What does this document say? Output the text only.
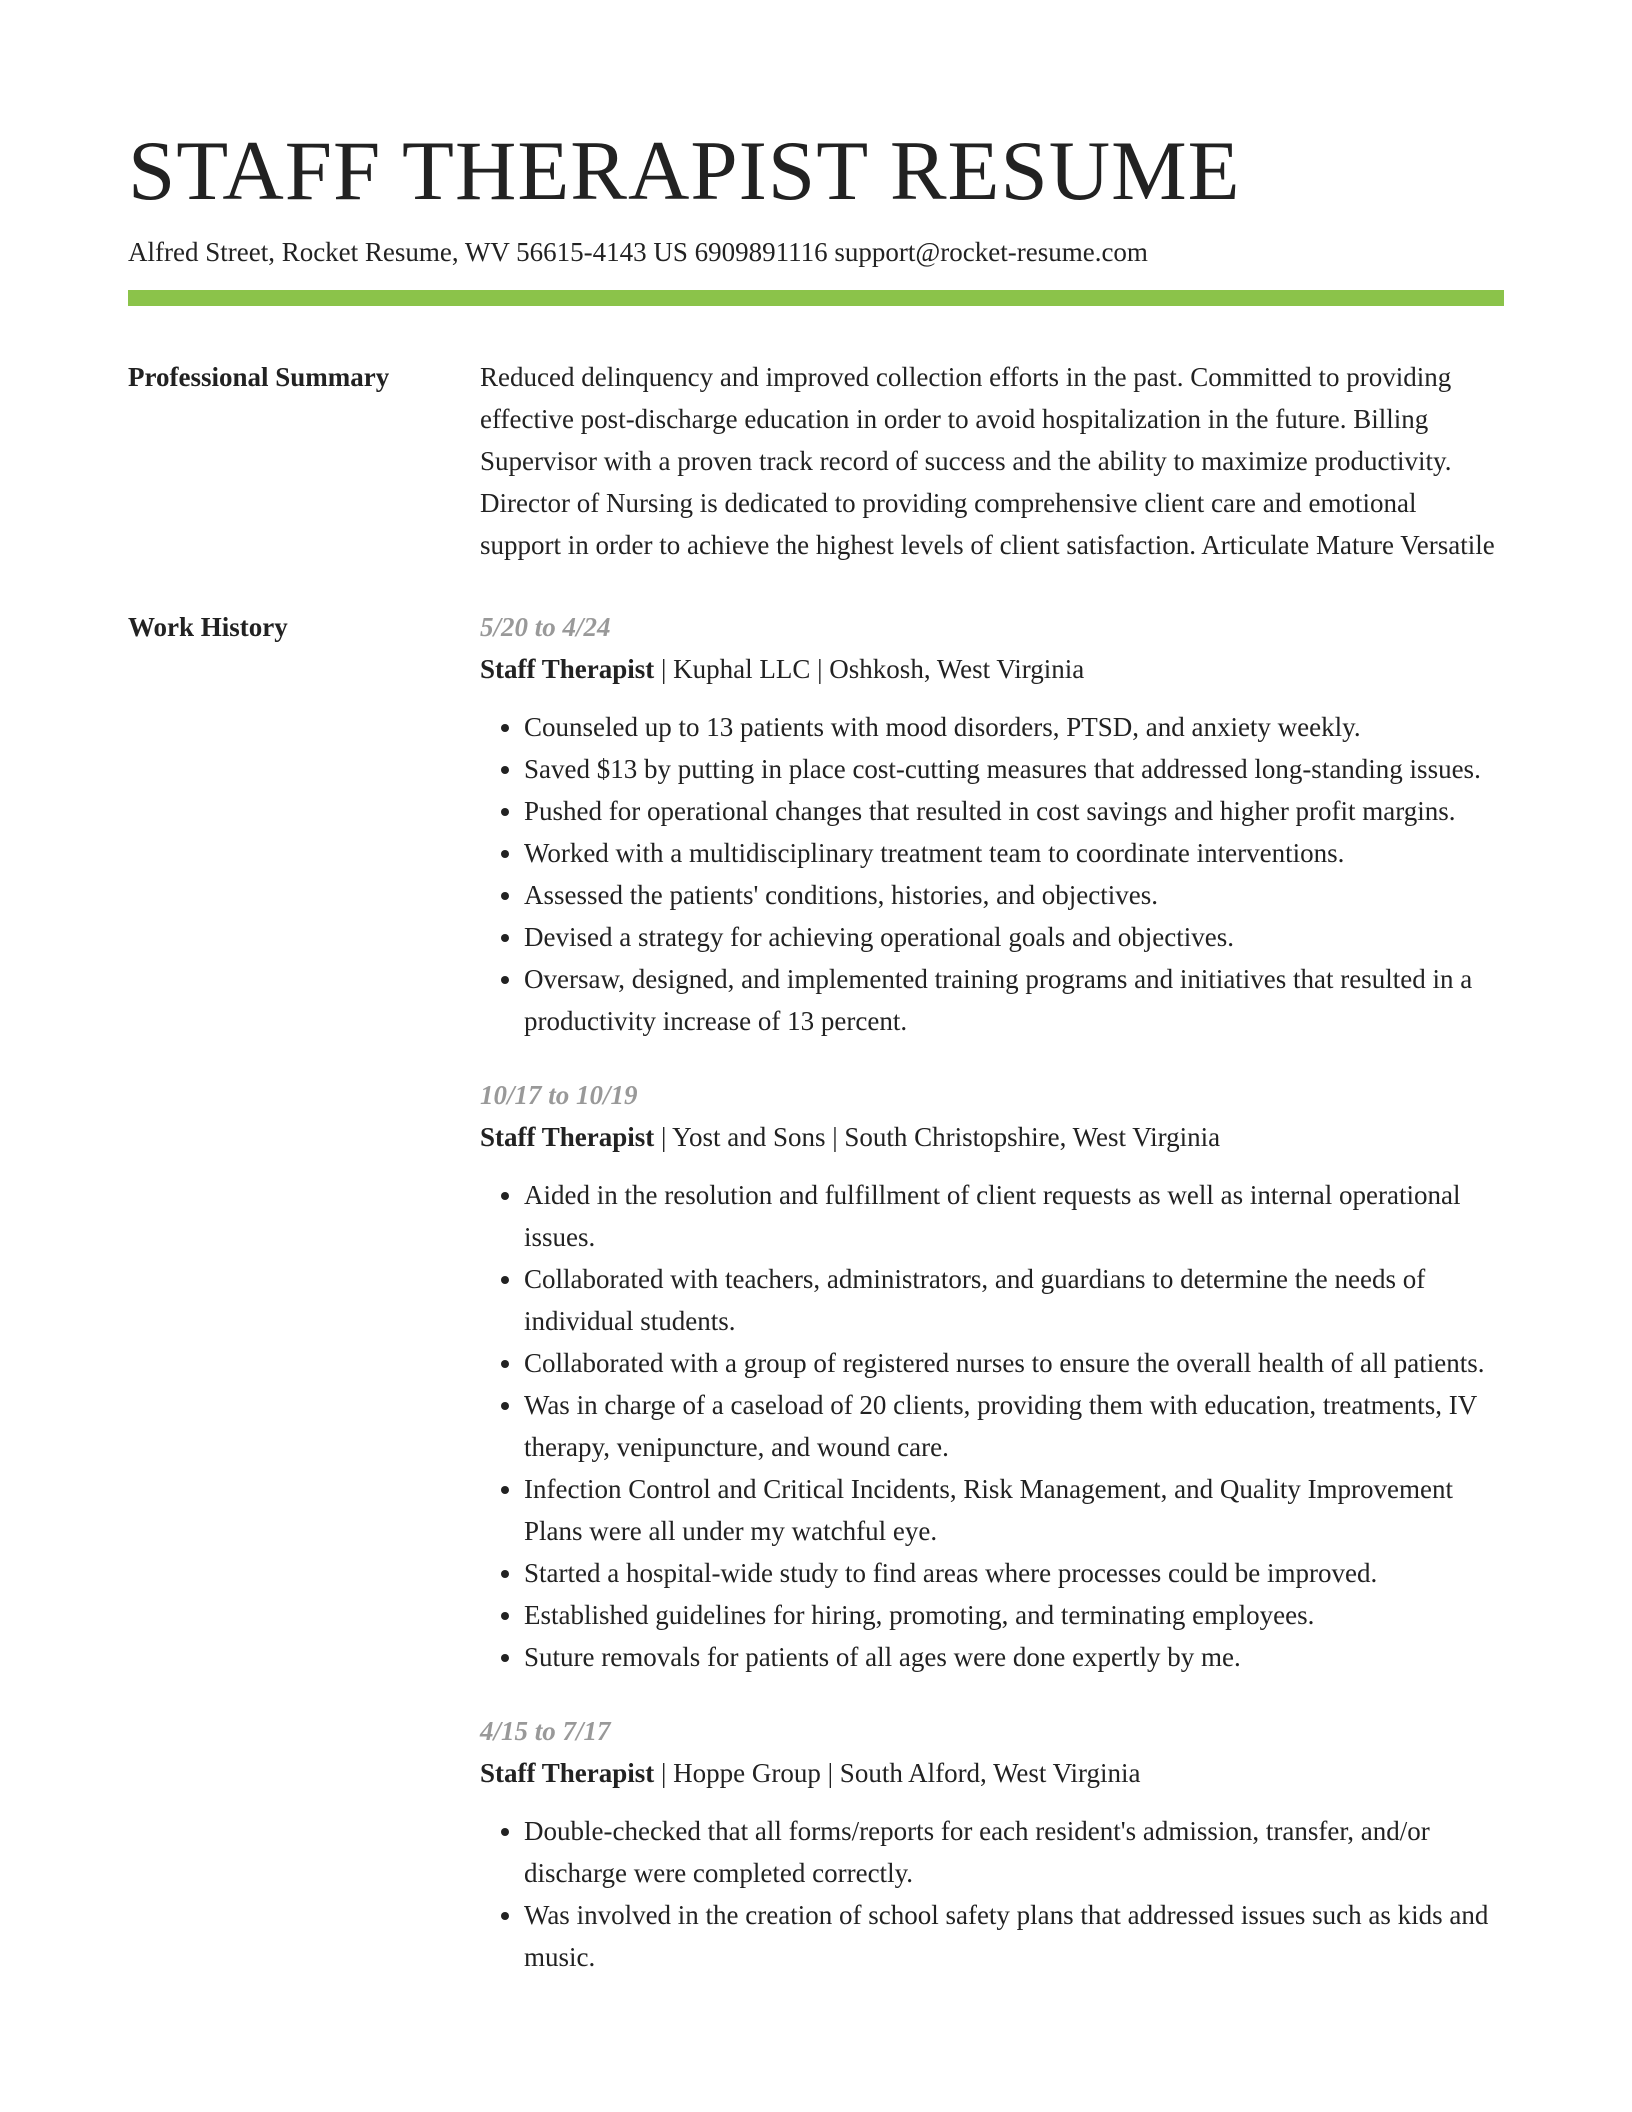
STAFF THERAPIST RESUME
Alfred Street, Rocket Resume, WV 56615-4143 US 6909891116 support@rocket-resume.com
Professional Summary	Reduced delinquency and improved collection efforts in the past. Committed to providing effective post-discharge education in order to avoid hospitalization in the future. Billing Supervisor with a proven track record of success and the ability to maximize productivity. Director of Nursing is dedicated to providing comprehensive client care and emotional support in order to achieve the highest levels of client satisfaction. Articulate Mature Versatile

Work History	5/20 to 4/24
Staff Therapist | Kuphal LLC | Oshkosh, West Virginia
• Counseled up to 13 patients with mood disorders, PTSD, and anxiety weekly.
• Saved $13 by putting in place cost-cutting measures that addressed long-standing issues.
• Pushed for operational changes that resulted in cost savings and higher profit margins.
• Worked with a multidisciplinary treatment team to coordinate interventions.
• Assessed the patients' conditions, histories, and objectives.
• Devised a strategy for achieving operational goals and objectives.
• Oversaw, designed, and implemented training programs and initiatives that resulted in a productivity increase of 13 percent.
10/17 to 10/19
Staff Therapist | Yost and Sons | South Christopshire, West Virginia
• Aided in the resolution and fulfillment of client requests as well as internal operational issues.
• Collaborated with teachers, administrators, and guardians to determine the needs of individual students.
• Collaborated with a group of registered nurses to ensure the overall health of all patients.
• Was in charge of a caseload of 20 clients, providing them with education, treatments, IV therapy, venipuncture, and wound care.
• Infection Control and Critical Incidents, Risk Management, and Quality Improvement Plans were all under my watchful eye.
• Started a hospital-wide study to find areas where processes could be improved.
• Established guidelines for hiring, promoting, and terminating employees.
• Suture removals for patients of all ages were done expertly by me.
4/15 to 7/17
Staff Therapist | Hoppe Group | South Alford, West Virginia
• Double-checked that all forms/reports for each resident's admission, transfer, and/or discharge were completed correctly.
• Was involved in the creation of school safety plans that addressed issues such as kids and music.
